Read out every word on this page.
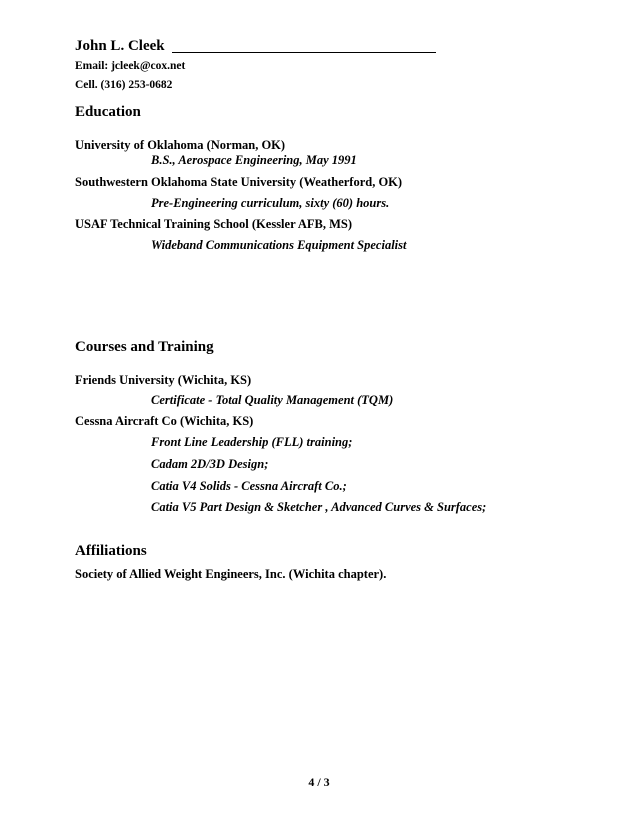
John L. Cleek
Email: jcleek@cox.net
Cell. (316) 253-0682
Education
University of Oklahoma (Norman, OK)
B.S., Aerospace Engineering, May 1991
Southwestern Oklahoma State University (Weatherford, OK)
Pre-Engineering curriculum, sixty (60) hours.
USAF Technical Training School (Kessler AFB, MS)
Wideband Communications Equipment Specialist
Courses and Training
Friends University (Wichita, KS)
Certificate - Total Quality Management (TQM)
Cessna Aircraft Co (Wichita, KS)
Front Line Leadership (FLL) training;
Cadam 2D/3D Design;
Catia V4 Solids - Cessna Aircraft Co.;
Catia V5 Part Design & Sketcher , Advanced Curves & Surfaces;
Affiliations
Society of Allied Weight Engineers, Inc. (Wichita chapter).
4 / 3
